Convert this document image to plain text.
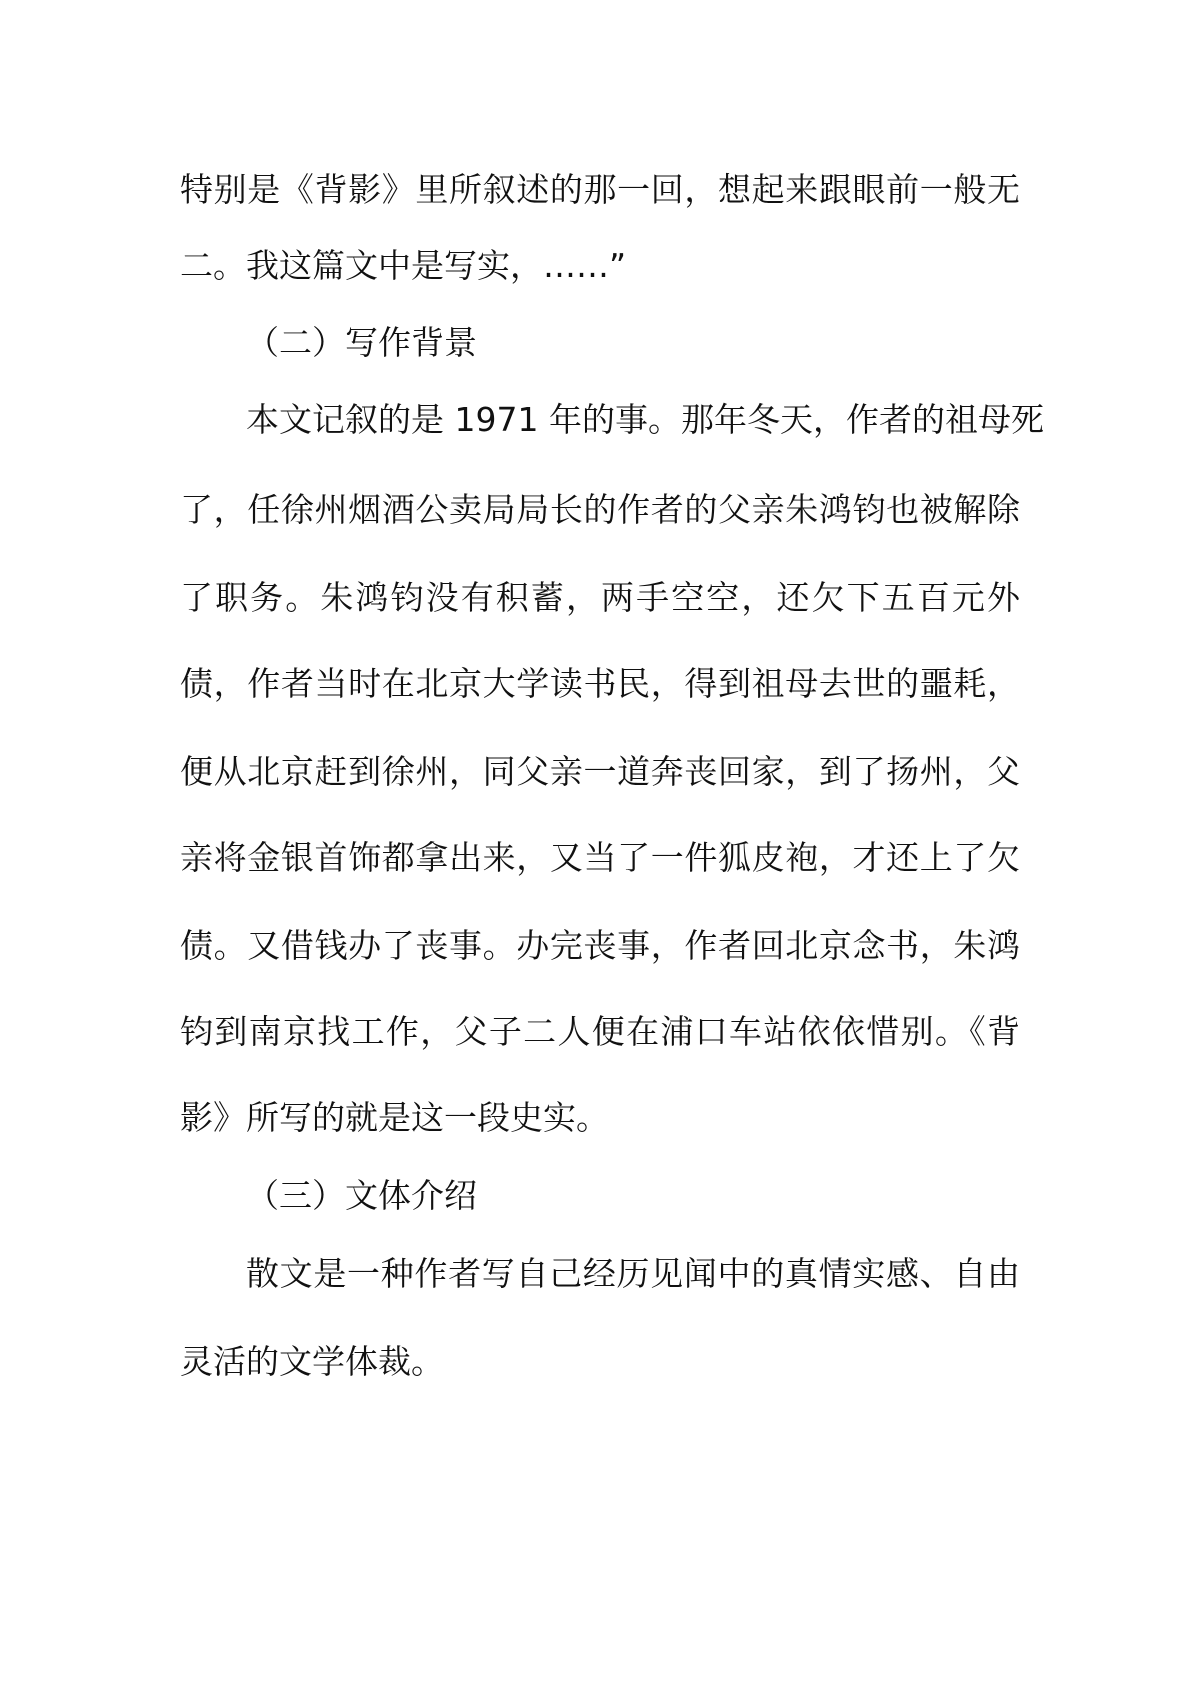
特别是《背影》里所叙述的那一回，想起来跟眼前一般无
二。我这篇文中是写实，……”
（二）写作背景
本文记叙的是 1971 年的事。那年冬天，作者的祖母死
了，任徐州烟酒公卖局局长的作者的父亲朱鸿钧也被解除
了职务。朱鸿钧没有积蓄，两手空空，还欠下五百元外
债，作者当时在北京大学读书民，得到祖母去世的噩耗，
便从北京赶到徐州，同父亲一道奔丧回家，到了扬州，父
亲将金银首饰都拿出来，又当了一件狐皮袍，才还上了欠
债。又借钱办了丧事。办完丧事，作者回北京念书，朱鸿
钧到南京找工作，父子二人便在浦口车站依依惜别。《背
影》所写的就是这一段史实。
（三）文体介绍
散文是一种作者写自己经历见闻中的真情实感、自由
灵活的文学体裁。
